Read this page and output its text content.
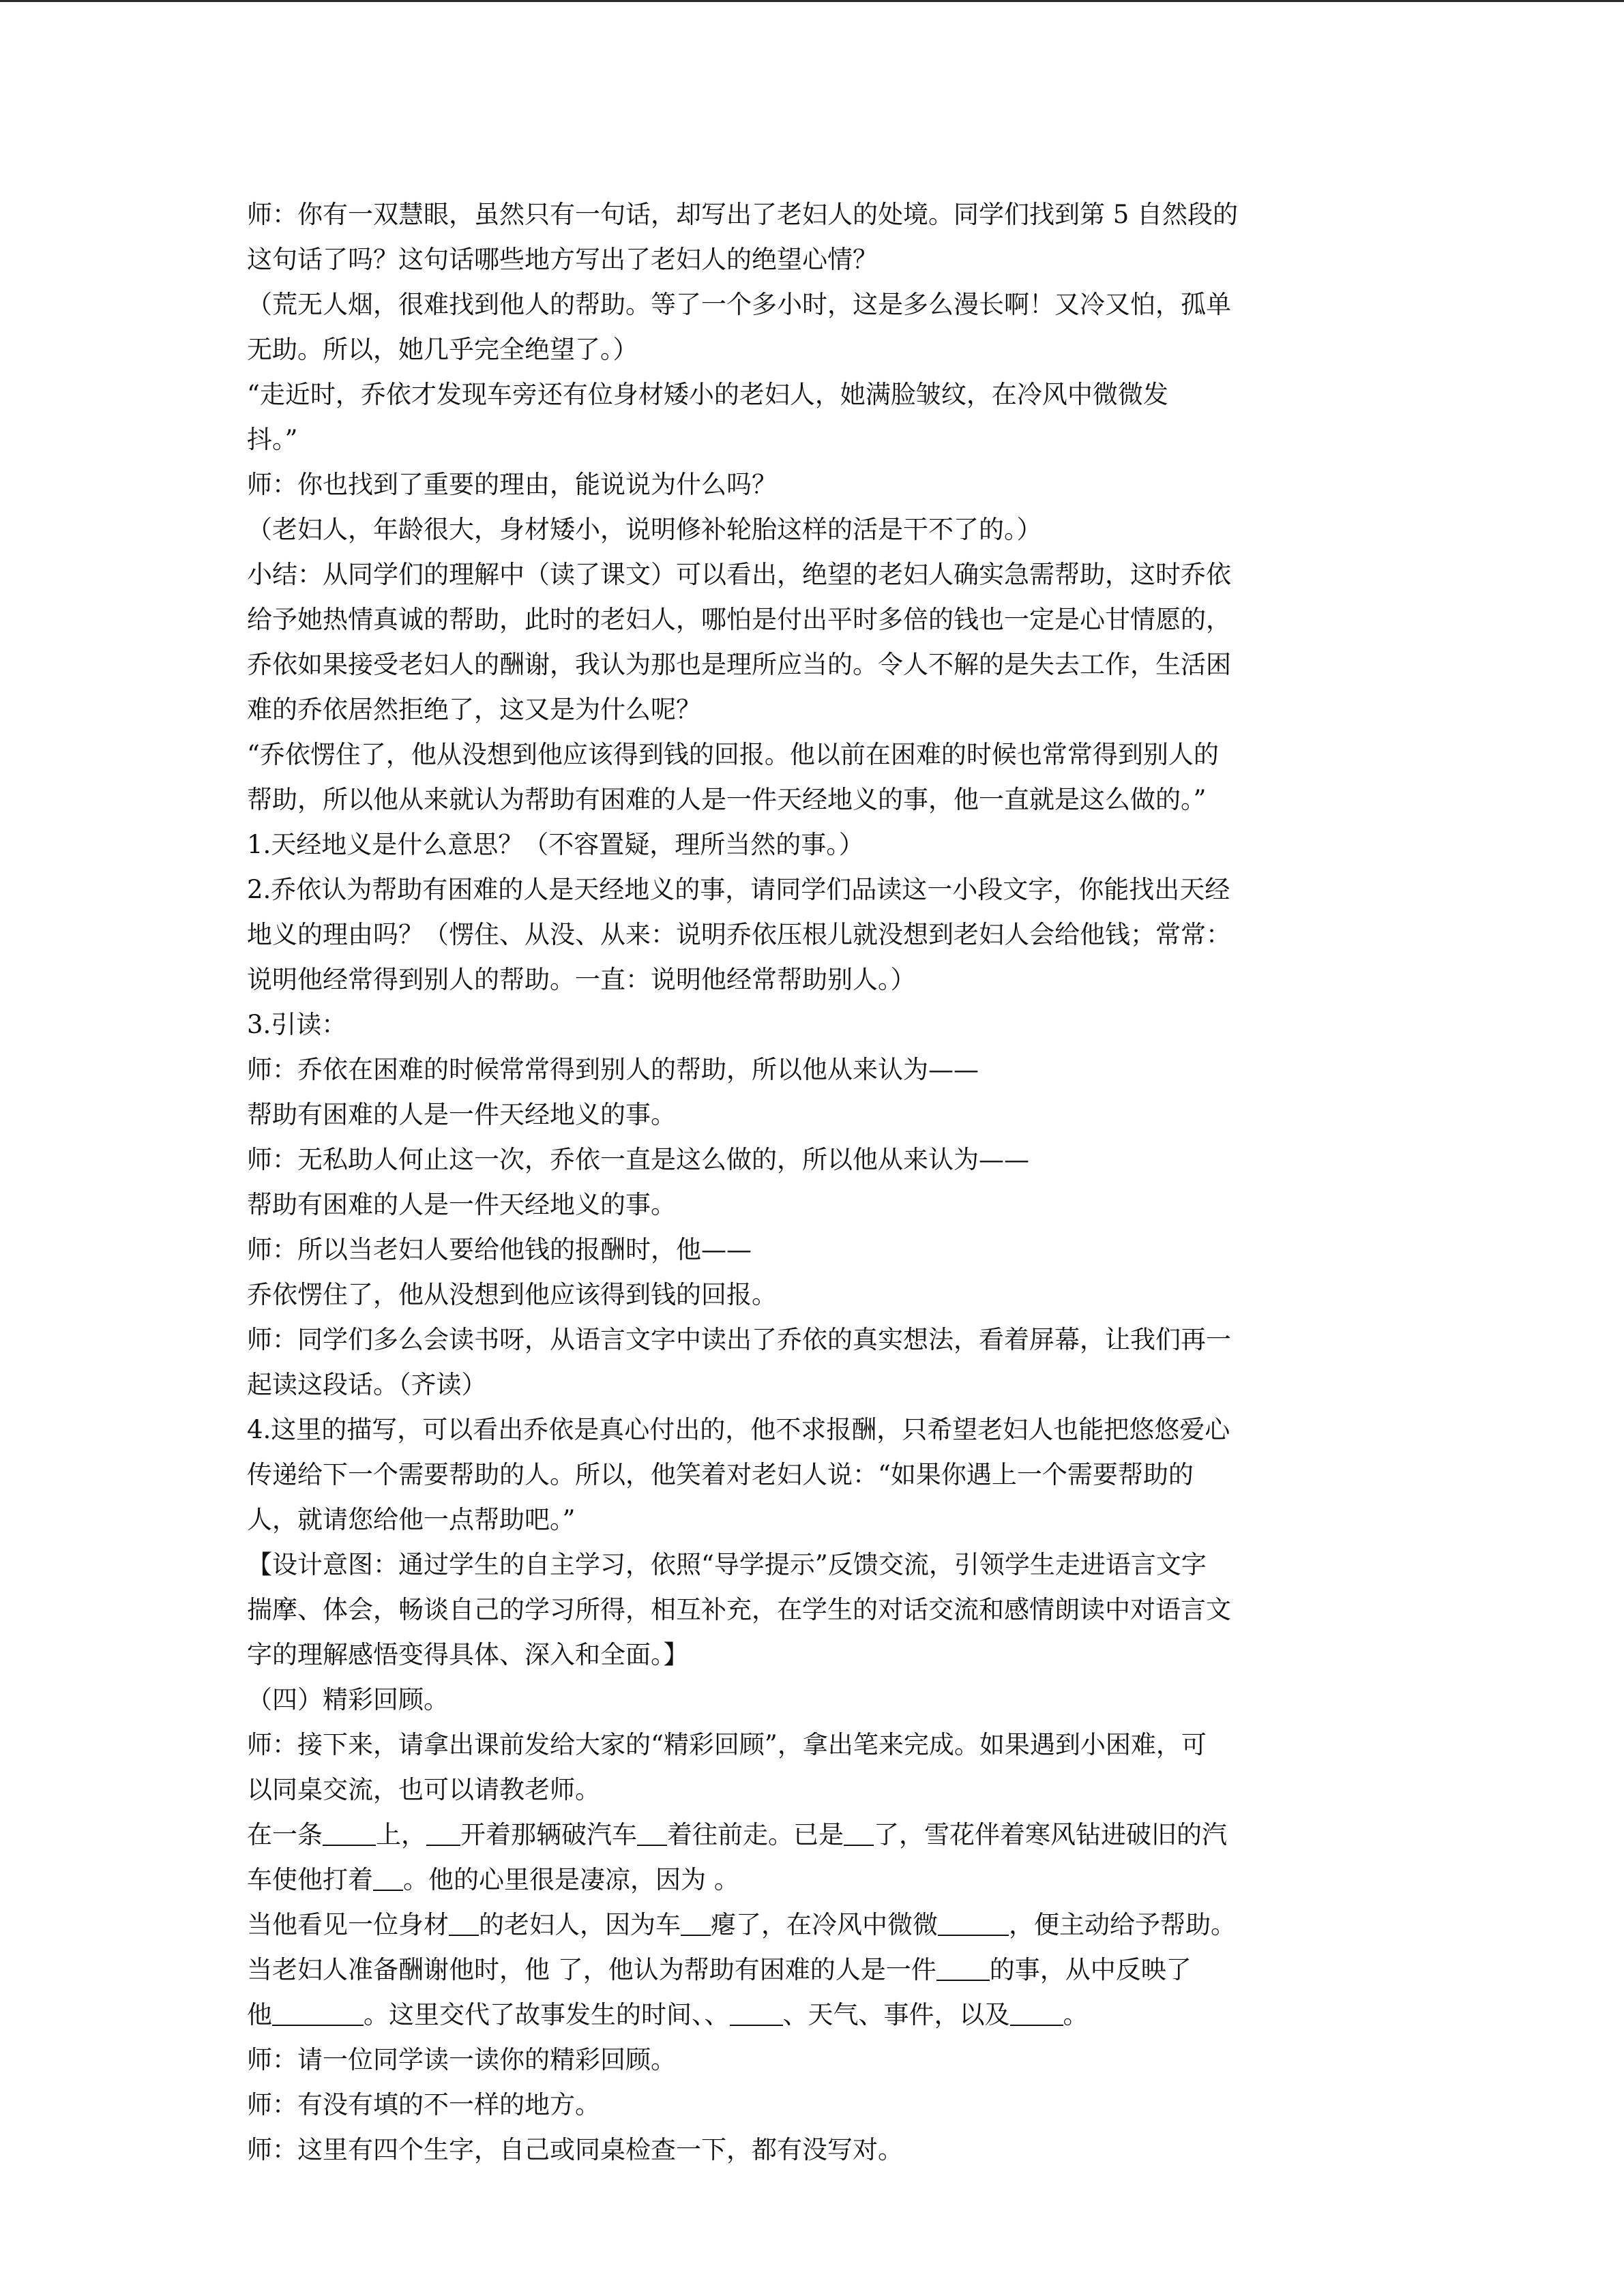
师：你有一双慧眼，虽然只有一句话，却写出了老妇人的处境。同学们找到第 5 自然段的
这句话了吗？这句话哪些地方写出了老妇人的绝望心情？
（荒无人烟，很难找到他人的帮助。等了一个多小时，这是多么漫长啊！又冷又怕，孤单
无助。所以，她几乎完全绝望了。）
“走近时，乔依才发现车旁还有位身材矮小的老妇人，她满脸皱纹，在冷风中微微发
抖。”
师：你也找到了重要的理由，能说说为什么吗？
（老妇人，年龄很大，身材矮小，说明修补轮胎这样的活是干不了的。）
小结：从同学们的理解中（读了课文）可以看出，绝望的老妇人确实急需帮助，这时乔依
给予她热情真诚的帮助，此时的老妇人，哪怕是付出平时多倍的钱也一定是心甘情愿的，
乔依如果接受老妇人的酬谢，我认为那也是理所应当的。令人不解的是失去工作，生活困
难的乔依居然拒绝了，这又是为什么呢？
“乔依愣住了，他从没想到他应该得到钱的回报。他以前在困难的时候也常常得到别人的
帮助，所以他从来就认为帮助有困难的人是一件天经地义的事，他一直就是这么做的。”
1.天经地义是什么意思？（不容置疑，理所当然的事。）
2.乔依认为帮助有困难的人是天经地义的事，请同学们品读这一小段文字，你能找出天经
地义的理由吗？（愣住、从没、从来：说明乔依压根儿就没想到老妇人会给他钱；常常：
说明他经常得到别人的帮助。一直：说明他经常帮助别人。）
3.引读：
师：乔依在困难的时候常常得到别人的帮助，所以他从来认为——
帮助有困难的人是一件天经地义的事。
师：无私助人何止这一次，乔依一直是这么做的，所以他从来认为——
帮助有困难的人是一件天经地义的事。
师：所以当老妇人要给他钱的报酬时，他——
乔依愣住了，他从没想到他应该得到钱的回报。
师：同学们多么会读书呀，从语言文字中读出了乔依的真实想法，看着屏幕，让我们再一
起读这段话。（齐读）
4.这里的描写，可以看出乔依是真心付出的，他不求报酬，只希望老妇人也能把悠悠爱心
传递给下一个需要帮助的人。所以，他笑着对老妇人说：“如果你遇上一个需要帮助的
人，就请您给他一点帮助吧。”
【设计意图：通过学生的自主学习，依照“导学提示”反馈交流，引领学生走进语言文字
揣摩、体会，畅谈自己的学习所得，相互补充，在学生的对话交流和感情朗读中对语言文
字的理解感悟变得具体、深入和全面。】
（四）精彩回顾。
师：接下来，请拿出课前发给大家的“精彩回顾”，拿出笔来完成。如果遇到小困难，可
以同桌交流，也可以请教老师。
在一条 上， 开着那辆破汽车 着往前走。已是 了，雪花伴着寒风钻进破旧的汽
车使他打着 。他的心里很是凄凉，因为 。
当他看见一位身材 的老妇人，因为车 瘪了，在冷风中微微	，便主动给予帮助。
当老妇人准备酬谢他时，他 了，他认为帮助有困难的人是一件 的事，从中反映了
他	。这里交代了故事发生的时间、、 、天气、事件，以及 。
师：请一位同学读一读你的精彩回顾。
师：有没有填的不一样的地方。
师：这里有四个生字，自己或同桌检查一下，都有没写对。
